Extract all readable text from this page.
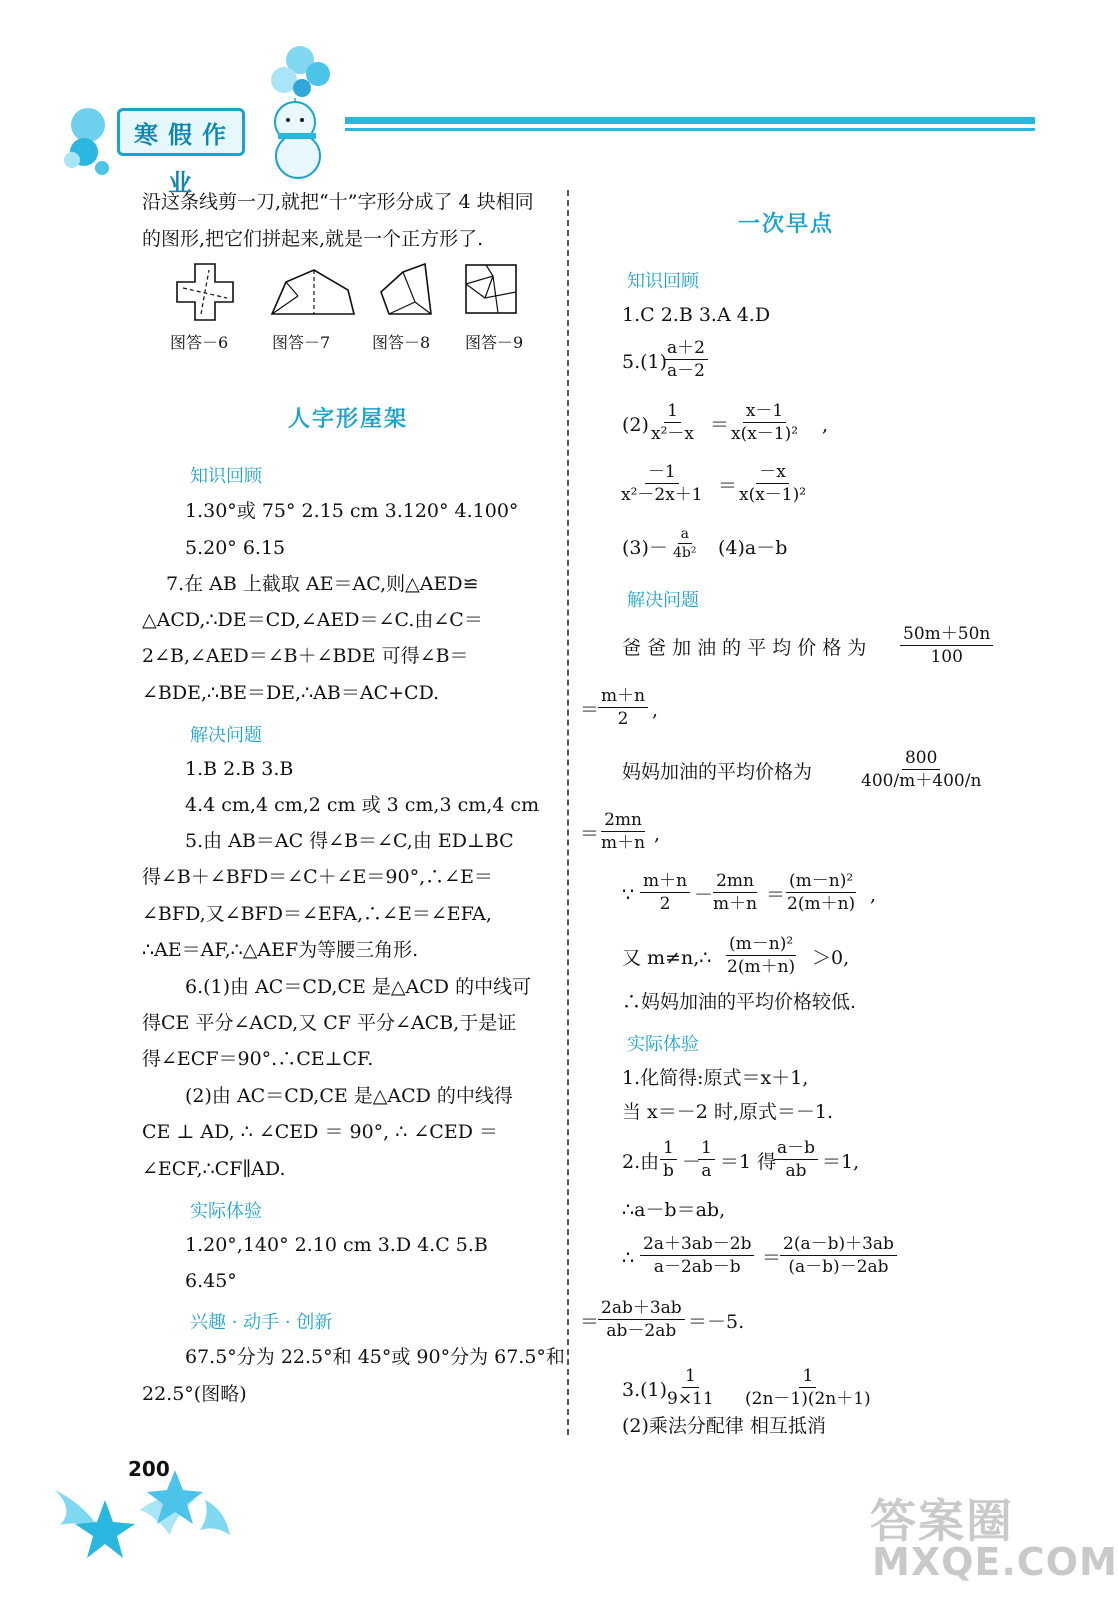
寒假作业
沿这条线剪一刀,就把“十”字形分成了 4 块相同
的图形,把它们拼起来,就是一个正方形了.
图答－6	图答－7	图答－8 图答－9
人字形屋架
知识回顾
1.30°或 75° 2.15 cm 3.120° 4.100°
5.20° 6.15
7.在 AB 上截取 AE＝AC,则△AED≌
△ACD,∴DE＝CD,∠AED＝∠C.由∠C＝
2∠B,∠AED＝∠B＋∠BDE 可得∠B＝
∠BDE,∴BE＝DE,∴AB＝AC+CD.
解决问题
1.B 2.B 3.B
4.4 cm,4 cm,2 cm 或 3 cm,3 cm,4 cm
5.由 AB＝AC 得∠B＝∠C,由 ED⊥BC
得∠B＋∠BFD＝∠C＋∠E＝90°,∴∠E＝
∠BFD,又∠BFD＝∠EFA,∴∠E＝∠EFA,
∴AE＝AF,∴△AEF为等腰三角形.
6.(1)由 AC＝CD,CE 是△ACD 的中线可
得CE 平分∠ACD,又 CF 平分∠ACB,于是证
得∠ECF＝90°.∴CE⊥CF.
(2)由 AC＝CD,CE 是△ACD 的中线得
CE ⊥ AD, ∴ ∠CED ＝ 90°, ∴ ∠CED ＝
∠ECF,∴CF∥AD.
实际体验
1.20°,140° 2.10 cm 3.D 4.C 5.B
6.45°
兴趣 · 动手 · 创新
67.5°分为 22.5°和 45°或 90°分为 67.5°和
22.5°(图略)
一次早点
知识回顾
1.C 2.B 3.A 4.D
5.(1)
$\frac{a+2}{a-2}$
$(2) \frac{1}{\text{x²－x}}$ ＝
$\frac{x-1}{\text{x(x－1)²}}$ ,
$\frac{-1}{\text{x²－2x＋1}}$ ＝
$\frac{-x}{\text{x(x－1)²}}$
$(3)- \frac{a}{\text{4b²}} (4)a-b$
解决问题
爸 爸 加 油 的 平 均 价 格 为 $\frac{50m+50n}{100}$
＝
$\frac{m+n}{2}$ ,
妈妈加油的平均价格为	$\frac{800}{400/m+400/n}$
＝
$\frac{2mn}{m+n}$ ,
∵ $\frac{m+n}{2}$ －
$\frac{2mn}{m+n}$ ＝
$\frac{\text{(m－n)²}}{2(m+n)}$ ,
又 m≠n,∴ $\frac{\text{(m－n)²}}{2(m+n)} >0$,
∴妈妈加油的平均价格较低.
实际体验
1.化简得:原式＝x＋1,
当 x＝－2 时,原式＝－1.
2.由 $\frac{1}{b}$ －
$\frac{1}{a} =1$ 得
$\frac{a-b}{ab} =1$,
∴a－b＝ab,
∴ $\frac{2a+3ab-2b}{a-2ab-b}$ ＝
$\frac{2(a-b)+3ab}{(a-b)-2ab}$
＝
$\frac{2ab+3ab}{ab-2ab} =-5$.
3.(1)
$\frac{1}{9\times 11} \frac{1}{(2n-1)(2n+1)}$
(2)乘法分配律 相互抵消
200
答案圈
MXQE.COM
